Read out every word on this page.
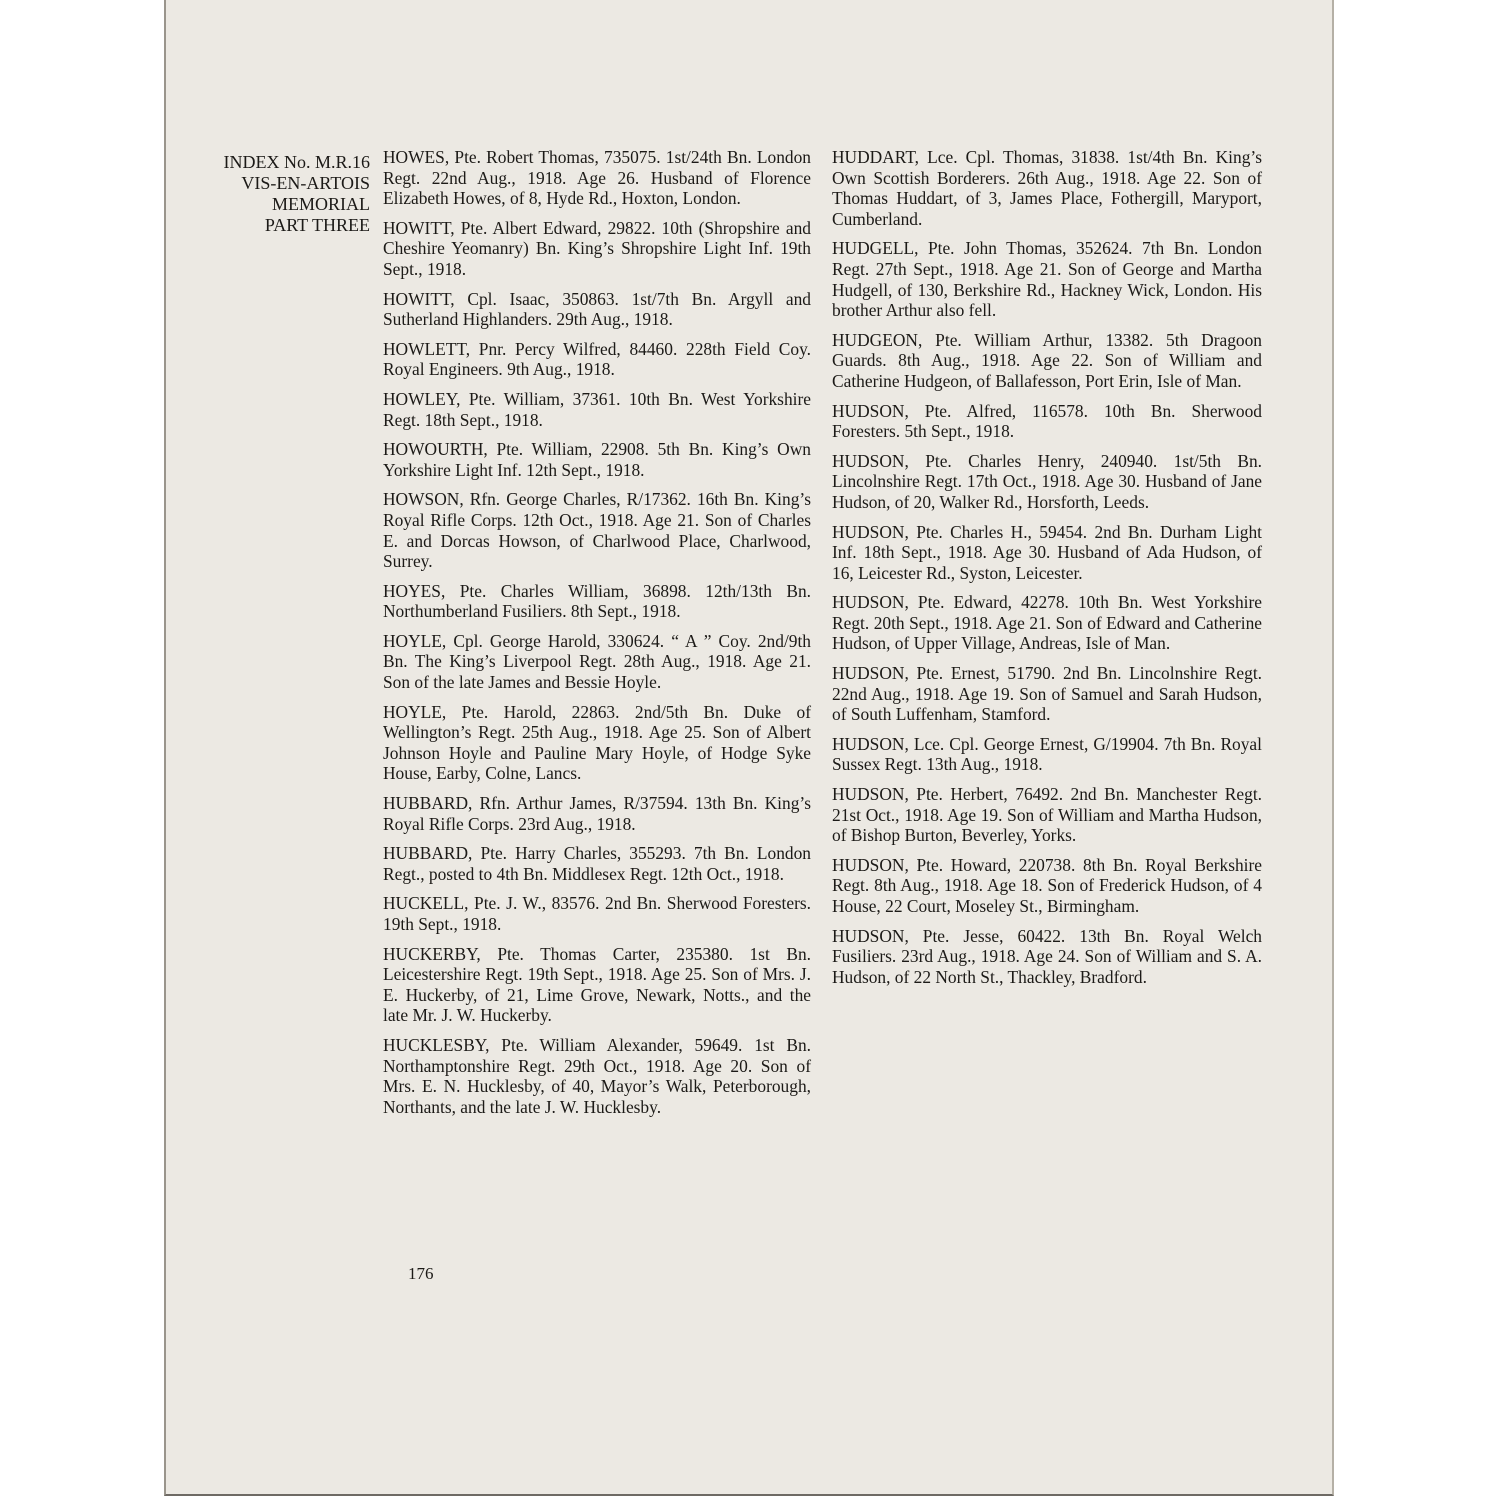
INDEX No. M.R.16
VIS-EN-ARTOIS
MEMORIAL
PART THREE

HOWES, Pte. Robert Thomas, 735075. 1st/24th Bn. London Regt. 22nd Aug., 1918. Age 26. Husband of Florence Elizabeth Howes, of 8, Hyde Rd., Hoxton, London.

HOWITT, Pte. Albert Edward, 29822. 10th (Shropshire and Cheshire Yeomanry) Bn. King’s Shropshire Light Inf. 19th Sept., 1918.

HOWITT, Cpl. Isaac, 350863. 1st/7th Bn. Argyll and Sutherland Highlanders. 29th Aug., 1918.

HOWLETT, Pnr. Percy Wilfred, 84460. 228th Field Coy. Royal Engineers. 9th Aug., 1918.

HOWLEY, Pte. William, 37361. 10th Bn. West Yorkshire Regt. 18th Sept., 1918.

HOWOURTH, Pte. William, 22908. 5th Bn. King’s Own Yorkshire Light Inf. 12th Sept., 1918.

HOWSON, Rfn. George Charles, R/17362. 16th Bn. King’s Royal Rifle Corps. 12th Oct., 1918. Age 21. Son of Charles E. and Dorcas Howson, of Charlwood Place, Charlwood, Surrey.

HOYES, Pte. Charles William, 36898. 12th/13th Bn. Northumberland Fusiliers. 8th Sept., 1918.

HOYLE, Cpl. George Harold, 330624. “ A ” Coy. 2nd/9th Bn. The King’s Liverpool Regt. 28th Aug., 1918. Age 21. Son of the late James and Bessie Hoyle.

HOYLE, Pte. Harold, 22863. 2nd/5th Bn. Duke of Wellington’s Regt. 25th Aug., 1918. Age 25. Son of Albert Johnson Hoyle and Pauline Mary Hoyle, of Hodge Syke House, Earby, Colne, Lancs.

HUBBARD, Rfn. Arthur James, R/37594. 13th Bn. King’s Royal Rifle Corps. 23rd Aug., 1918.

HUBBARD, Pte. Harry Charles, 355293. 7th Bn. London Regt., posted to 4th Bn. Middlesex Regt. 12th Oct., 1918.

HUCKELL, Pte. J. W., 83576. 2nd Bn. Sherwood Foresters. 19th Sept., 1918.

HUCKERBY, Pte. Thomas Carter, 235380. 1st Bn. Leicestershire Regt. 19th Sept., 1918. Age 25. Son of Mrs. J. E. Huckerby, of 21, Lime Grove, Newark, Notts., and the late Mr. J. W. Huckerby.

HUCKLESBY, Pte. William Alexander, 59649. 1st Bn. Northamptonshire Regt. 29th Oct., 1918. Age 20. Son of Mrs. E. N. Hucklesby, of 40, Mayor’s Walk, Peterborough, Northants, and the late J. W. Hucklesby.

HUDDART, Lce. Cpl. Thomas, 31838. 1st/4th Bn. King’s Own Scottish Borderers. 26th Aug., 1918. Age 22. Son of Thomas Huddart, of 3, James Place, Fothergill, Maryport, Cumberland.

HUDGELL, Pte. John Thomas, 352624. 7th Bn. London Regt. 27th Sept., 1918. Age 21. Son of George and Martha Hudgell, of 130, Berkshire Rd., Hackney Wick, London. His brother Arthur also fell.

HUDGEON, Pte. William Arthur, 13382. 5th Dragoon Guards. 8th Aug., 1918. Age 22. Son of William and Catherine Hudgeon, of Ballafesson, Port Erin, Isle of Man.

HUDSON, Pte. Alfred, 116578. 10th Bn. Sherwood Foresters. 5th Sept., 1918.

HUDSON, Pte. Charles Henry, 240940. 1st/5th Bn. Lincolnshire Regt. 17th Oct., 1918. Age 30. Husband of Jane Hudson, of 20, Walker Rd., Horsforth, Leeds.

HUDSON, Pte. Charles H., 59454. 2nd Bn. Durham Light Inf. 18th Sept., 1918. Age 30. Husband of Ada Hudson, of 16, Leicester Rd., Syston, Leicester.

HUDSON, Pte. Edward, 42278. 10th Bn. West Yorkshire Regt. 20th Sept., 1918. Age 21. Son of Edward and Catherine Hudson, of Upper Village, Andreas, Isle of Man.

HUDSON, Pte. Ernest, 51790. 2nd Bn. Lincolnshire Regt. 22nd Aug., 1918. Age 19. Son of Samuel and Sarah Hudson, of South Luffenham, Stamford.

HUDSON, Lce. Cpl. George Ernest, G/19904. 7th Bn. Royal Sussex Regt. 13th Aug., 1918.

HUDSON, Pte. Herbert, 76492. 2nd Bn. Manchester Regt. 21st Oct., 1918. Age 19. Son of William and Martha Hudson, of Bishop Burton, Beverley, Yorks.

HUDSON, Pte. Howard, 220738. 8th Bn. Royal Berkshire Regt. 8th Aug., 1918. Age 18. Son of Frederick Hudson, of 4 House, 22 Court, Moseley St., Birmingham.

HUDSON, Pte. Jesse, 60422. 13th Bn. Royal Welch Fusiliers. 23rd Aug., 1918. Age 24. Son of William and S. A. Hudson, of 22 North St., Thackley, Bradford.

176
